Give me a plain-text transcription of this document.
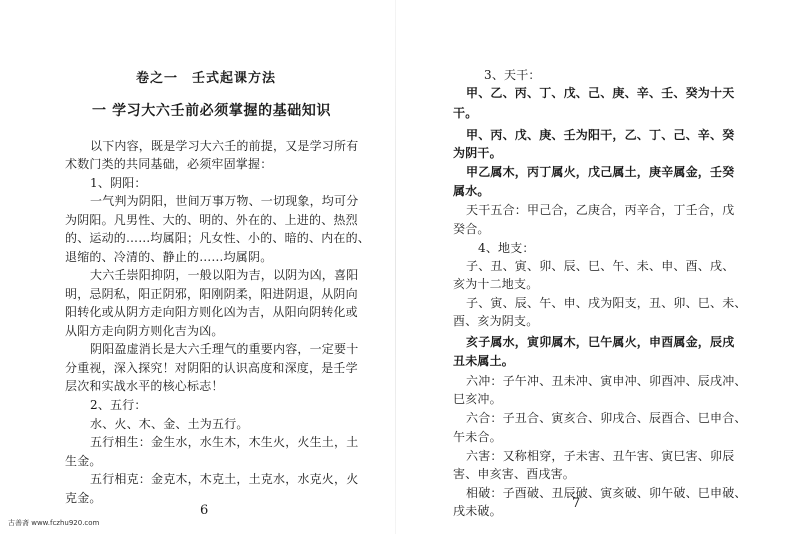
卷之一　壬式起课方法
一 学习大六壬前必须掌握的基础知识
以下内容，既是学习大六壬的前提，又是学习所有
术数门类的共同基础，必须牢固掌握：
1、阴阳：
一气判为阴阳，世间万事万物、一切现象，均可分
为阴阳。凡男性、大的、明的、外在的、上进的、热烈
的、运动的……均属阳；凡女性、小的、暗的、内在的、
退缩的、冷清的、静止的……均属阴。
大六壬崇阳抑阴，一般以阳为吉，以阴为凶，喜阳
明，忌阴私，阳正阴邪，阳刚阴柔，阳进阴退，从阴向
阳转化或从阴方走向阳方则化凶为吉，从阳向阴转化或
从阳方走向阴方则化吉为凶。
阴阳盈虚消长是大六壬理气的重要内容，一定要十
分重视，深入探究！对阴阳的认识高度和深度，是壬学
层次和实战水平的核心标志！
2、五行：
水、火、木、金、土为五行。
五行相生：金生水，水生木，木生火，火生土，土
生金。
五行相克：金克木，木克土，土克水，水克火，火
克金。
6
3、天干：
甲、乙、丙、丁、戊、己、庚、辛、壬、癸为十天
干。
甲、丙、戊、庚、壬为阳干，乙、丁、己、辛、癸
为阴干。
甲乙属木，丙丁属火，戊己属土，庚辛属金，壬癸
属水。
天干五合：甲己合，乙庚合，丙辛合，丁壬合，戊
癸合。
4、地支：
子、丑、寅、卯、辰、巳、午、未、申、酉、戌、
亥为十二地支。
子、寅、辰、午、申、戌为阳支，丑、卯、巳、未、
酉、亥为阴支。
亥子属水，寅卯属木，巳午属火，申酉属金，辰戌
丑未属土。
六冲：子午冲、丑未冲、寅申冲、卯酉冲、辰戌冲、
巳亥冲。
六合：子丑合、寅亥合、卯戌合、辰酉合、巳申合、
午未合。
六害：又称相穿，子未害、丑午害、寅巳害、卯辰
害、申亥害、酉戌害。
相破：子酉破、丑辰破、寅亥破、卯午破、巳申破、
戌未破。	7
古善斋 www.fczhu920.com
